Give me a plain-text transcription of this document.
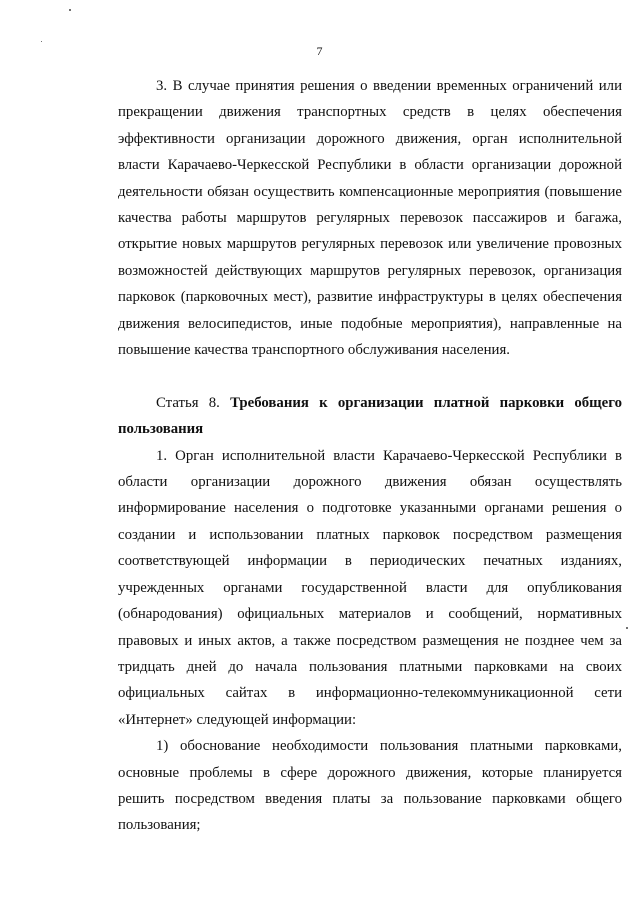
7

3. В случае принятия решения о введении временных ограничений или прекращении движения транспортных средств в целях обеспечения эффективности организации дорожного движения, орган исполнительной власти Карачаево-Черкесской Республики в области организации дорожной деятельности обязан осуществить компенсационные мероприятия (повышение качества работы маршрутов регулярных перевозок пассажиров и багажа, открытие новых маршрутов регулярных перевозок или увеличение провозных возможностей действующих маршрутов регулярных перевозок, организация парковок (парковочных мест), развитие инфраструктуры в целях обеспечения движения велосипедистов, иные подобные мероприятия), направленные на повышение качества транспортного обслуживания населения.

Статья 8. Требования к организации платной парковки общего пользования

1. Орган исполнительной власти Карачаево-Черкесской Республики в области организации дорожного движения обязан осуществлять информирование населения о подготовке указанными органами решения о создании и использовании платных парковок посредством размещения соответствующей информации в периодических печатных изданиях, учрежденных органами государственной власти для опубликования (обнародования) официальных материалов и сообщений, нормативных правовых и иных актов, а также посредством размещения не позднее чем за тридцать дней до начала пользования платными парковками на своих официальных сайтах в информационно-телекоммуникационной сети «Интернет» следующей информации:

1) обоснование необходимости пользования платными парковками, основные проблемы в сфере дорожного движения, которые планируется решить посредством введения платы за пользование парковками общего пользования;
